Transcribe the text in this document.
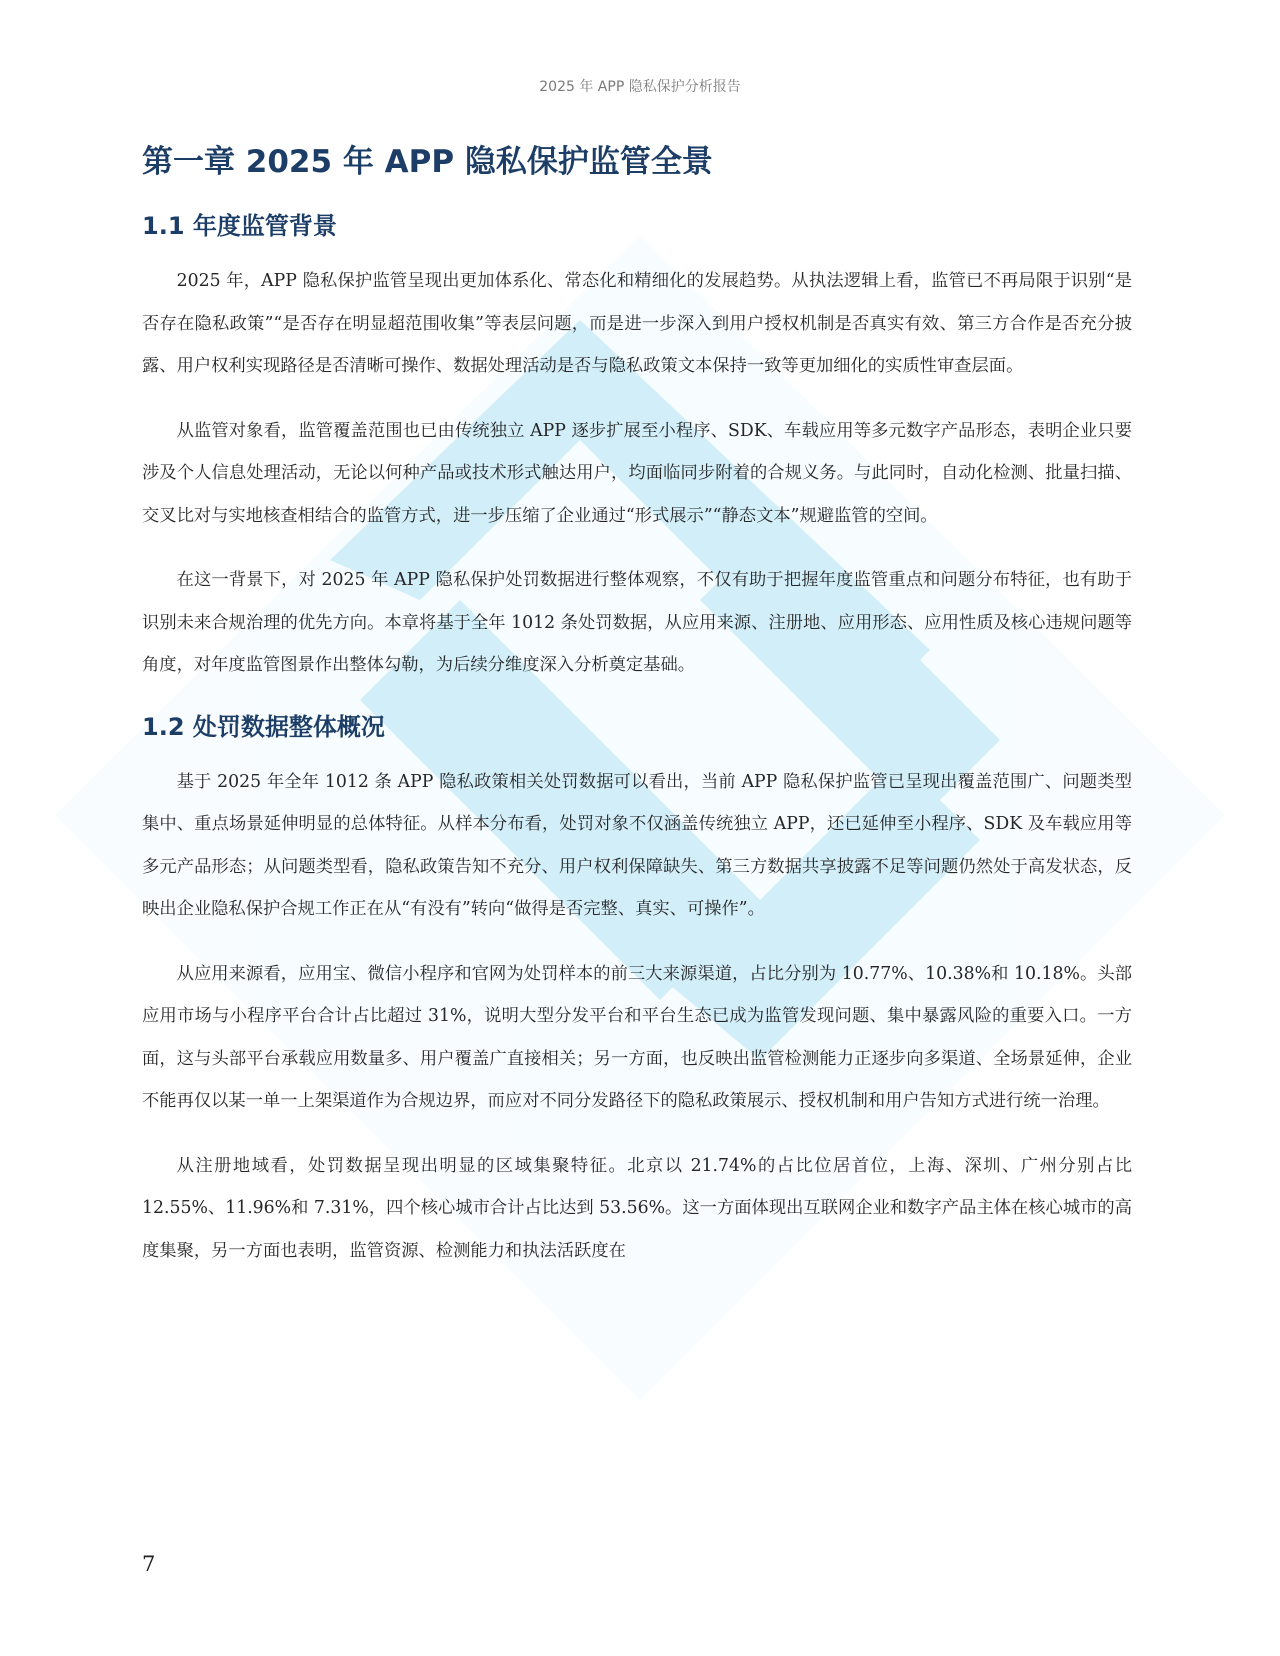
2025 年 APP 隐私保护分析报告
第一章 2025 年 APP 隐私保护监管全景
1.1 年度监管背景

2025 年，APP 隐私保护监管呈现出更加体系化、常态化和精细化的发展趋势。从执法逻辑上看，监管已不再局限于识别“是否存在隐私政策”“是否存在明显超范围收集”等表层问题，而是进一步深入到用户授权机制是否真实有效、第三方合作是否充分披露、用户权利实现路径是否清晰可操作、数据处理活动是否与隐私政策文本保持一致等更加细化的实质性审查层面。

从监管对象看，监管覆盖范围也已由传统独立 APP 逐步扩展至小程序、SDK、车载应用等多元数字产品形态，表明企业只要涉及个人信息处理活动，无论以何种产品或技术形式触达用户，均面临同步附着的合规义务。与此同时，自动化检测、批量扫描、交叉比对与实地核查相结合的监管方式，进一步压缩了企业通过“形式展示”“静态文本”规避监管的空间。

在这一背景下，对 2025 年 APP 隐私保护处罚数据进行整体观察，不仅有助于把握年度监管重点和问题分布特征，也有助于识别未来合规治理的优先方向。本章将基于全年 1012 条处罚数据，从应用来源、注册地、应用形态、应用性质及核心违规问题等角度，对年度监管图景作出整体勾勒，为后续分维度深入分析奠定基础。

1.2 处罚数据整体概况

基于 2025 年全年 1012 条 APP 隐私政策相关处罚数据可以看出，当前 APP 隐私保护监管已呈现出覆盖范围广、问题类型集中、重点场景延伸明显的总体特征。从样本分布看，处罚对象不仅涵盖传统独立 APP，还已延伸至小程序、SDK 及车载应用等多元产品形态；从问题类型看，隐私政策告知不充分、用户权利保障缺失、第三方数据共享披露不足等问题仍然处于高发状态，反映出企业隐私保护合规工作正在从“有没有”转向“做得是否完整、真实、可操作”。

从应用来源看，应用宝、微信小程序和官网为处罚样本的前三大来源渠道，占比分别为 10.77%、10.38%和 10.18%。头部应用市场与小程序平台合计占比超过 31%，说明大型分发平台和平台生态已成为监管发现问题、集中暴露风险的重要入口。一方面，这与头部平台承载应用数量多、用户覆盖广直接相关；另一方面，也反映出监管检测能力正逐步向多渠道、全场景延伸，企业不能再仅以某一单一上架渠道作为合规边界，而应对不同分发路径下的隐私政策展示、授权机制和用户告知方式进行统一治理。

从注册地域看，处罚数据呈现出明显的区域集聚特征。北京以 21.74%的占比位居首位，上海、深圳、广州分别占比 12.55%、11.96%和 7.31%，四个核心城市合计占比达到 53.56%。这一方面体现出互联网企业和数字产品主体在核心城市的高度集聚，另一方面也表明，监管资源、检测能力和执法活跃度在

7
